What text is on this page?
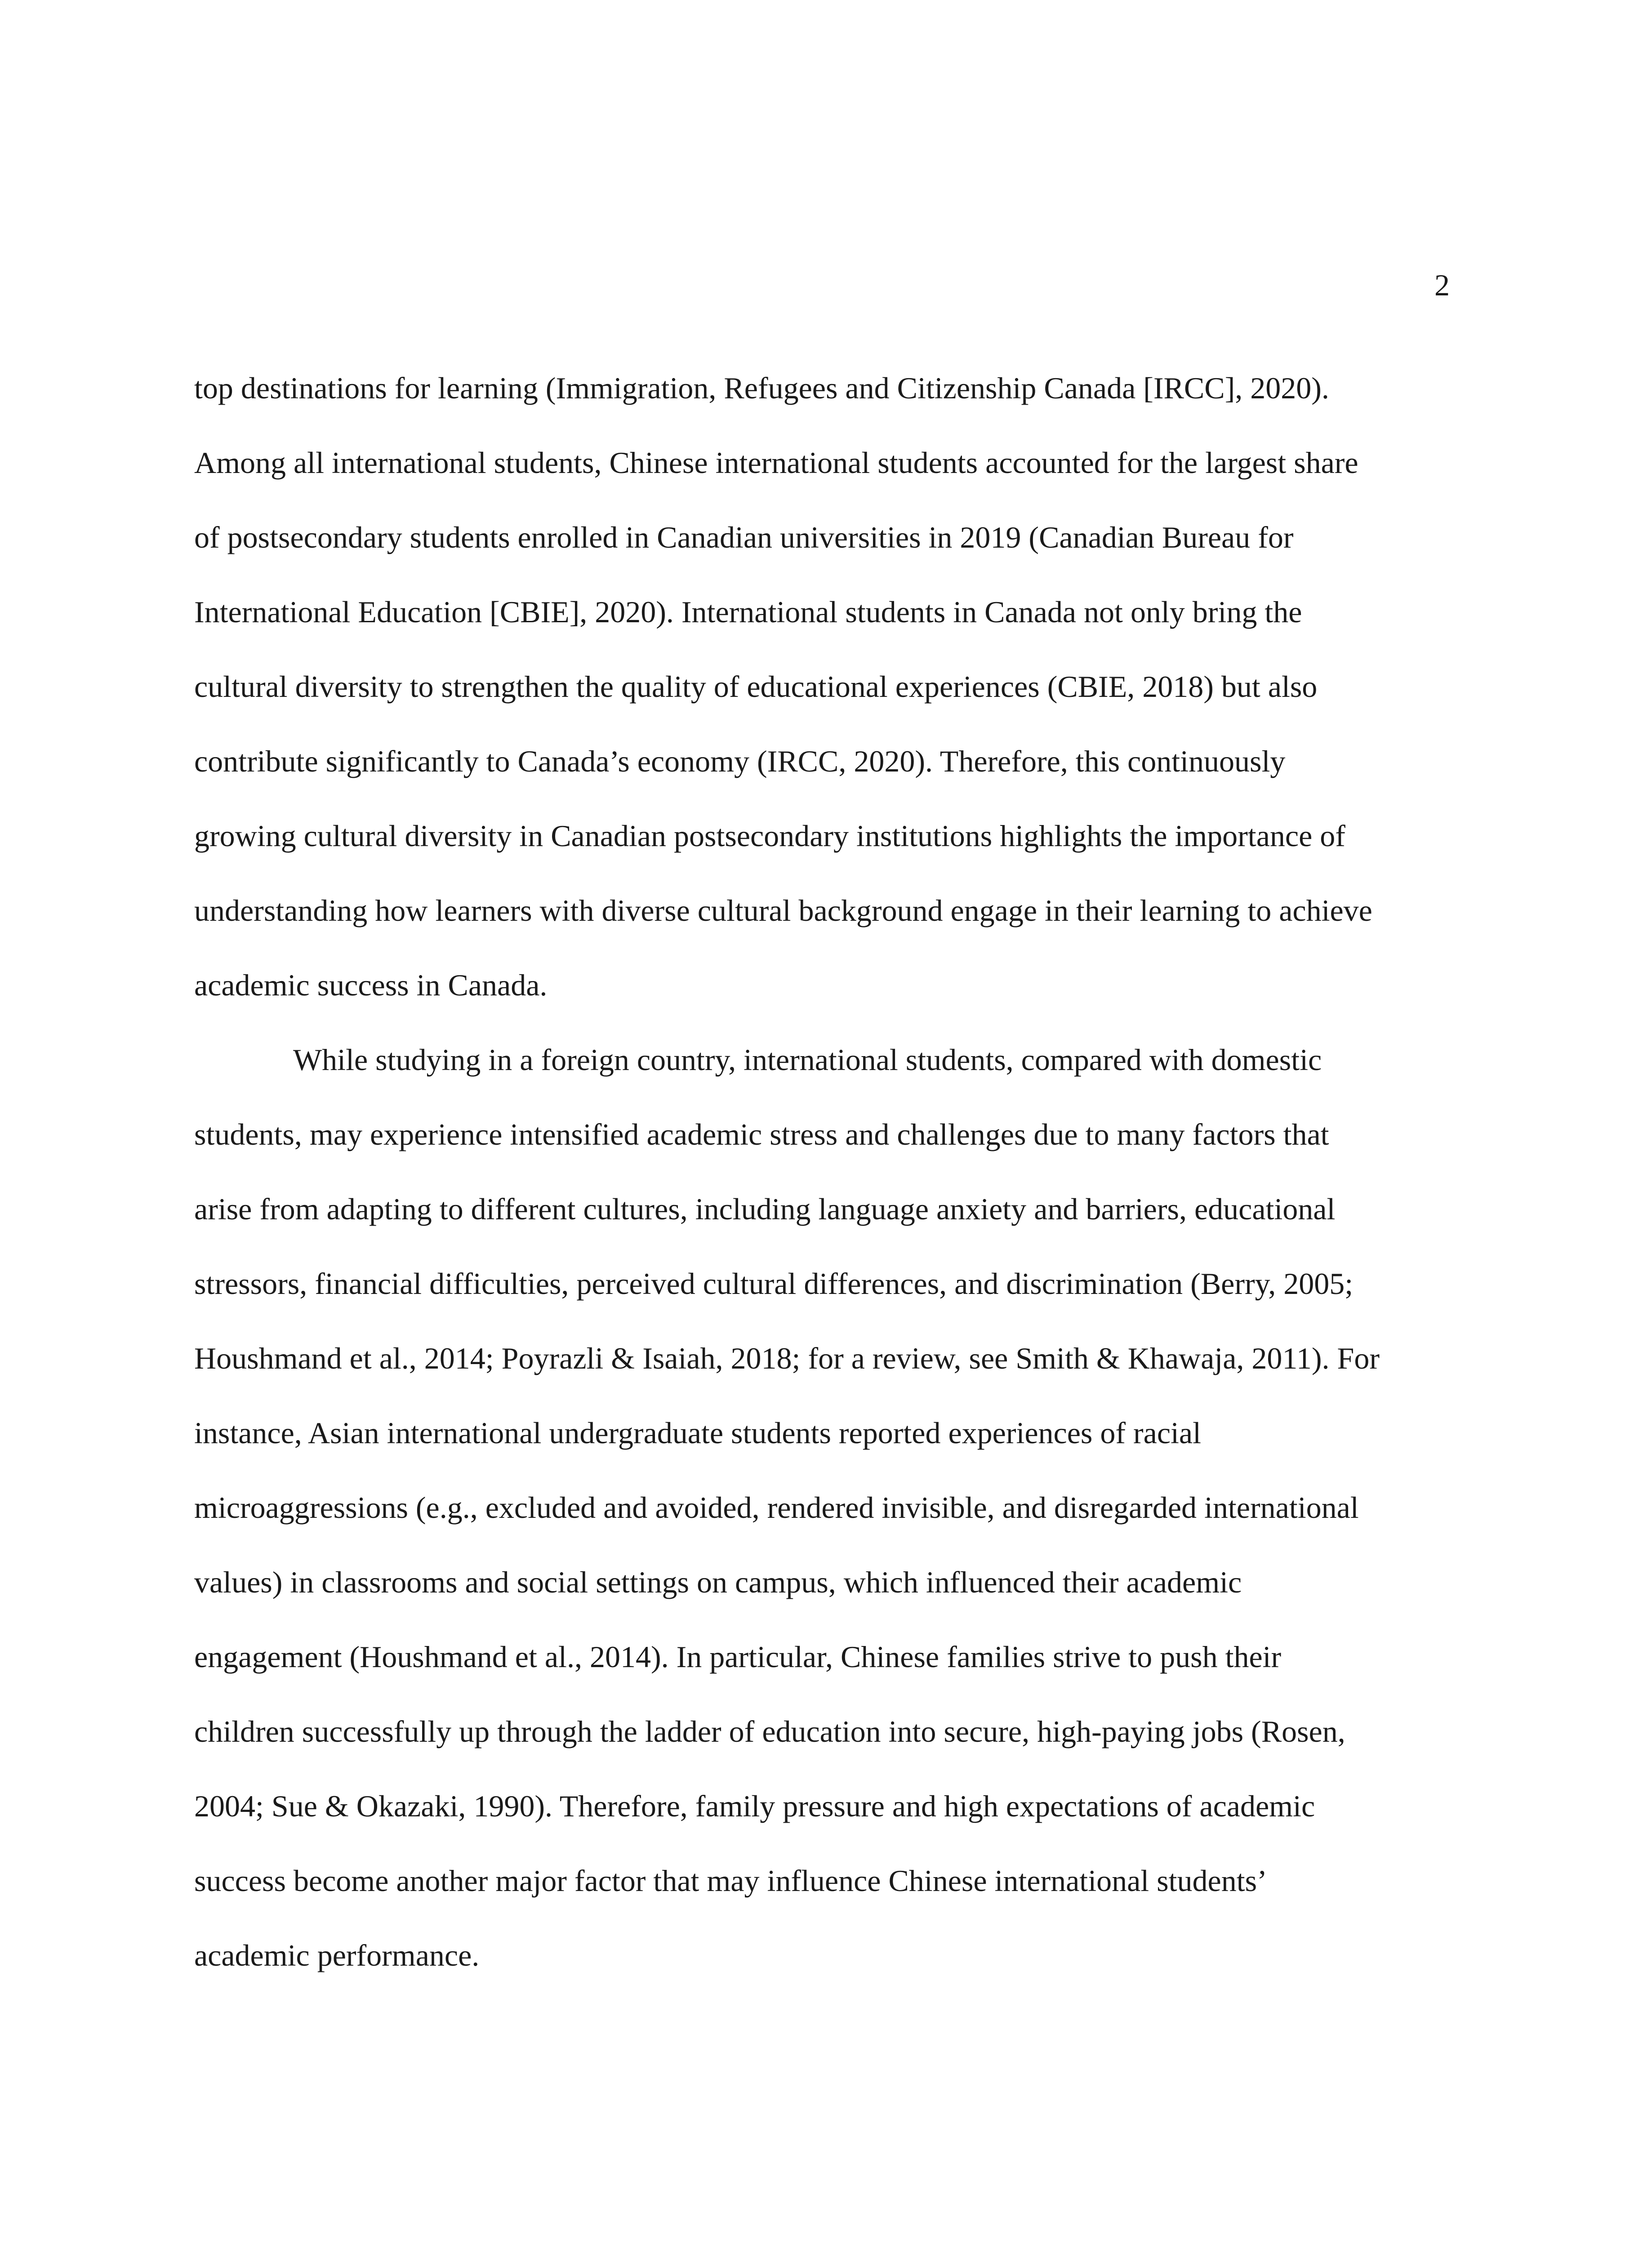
2
top destinations for learning (Immigration, Refugees and Citizenship Canada [IRCC], 2020).
Among all international students, Chinese international students accounted for the largest share
of postsecondary students enrolled in Canadian universities in 2019 (Canadian Bureau for
International Education [CBIE], 2020). International students in Canada not only bring the
cultural diversity to strengthen the quality of educational experiences (CBIE, 2018) but also
contribute significantly to Canada’s economy (IRCC, 2020). Therefore, this continuously
growing cultural diversity in Canadian postsecondary institutions highlights the importance of
understanding how learners with diverse cultural background engage in their learning to achieve
academic success in Canada.
While studying in a foreign country, international students, compared with domestic
students, may experience intensified academic stress and challenges due to many factors that
arise from adapting to different cultures, including language anxiety and barriers, educational
stressors, financial difficulties, perceived cultural differences, and discrimination (Berry, 2005;
Houshmand et al., 2014; Poyrazli & Isaiah, 2018; for a review, see Smith & Khawaja, 2011). For
instance, Asian international undergraduate students reported experiences of racial
microaggressions (e.g., excluded and avoided, rendered invisible, and disregarded international
values) in classrooms and social settings on campus, which influenced their academic
engagement (Houshmand et al., 2014). In particular, Chinese families strive to push their
children successfully up through the ladder of education into secure, high-paying jobs (Rosen,
2004; Sue & Okazaki, 1990). Therefore, family pressure and high expectations of academic
success become another major factor that may influence Chinese international students’
academic performance.
